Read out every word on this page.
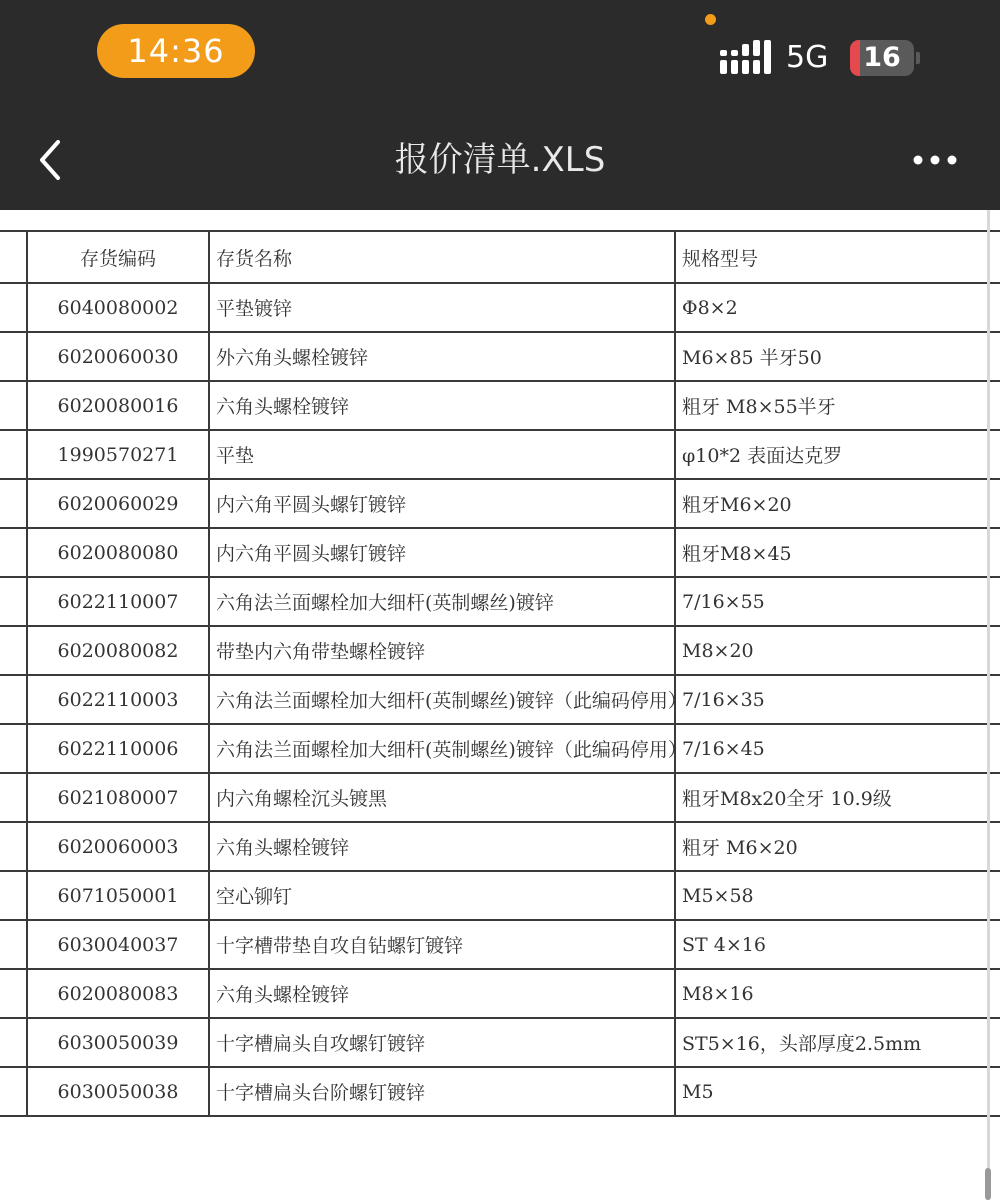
14:36	5G	16
报价清单.XLS
	存货编码	存货名称	规格型号	
	6040080002	平垫镀锌	Φ8×2	
	6020060030	外六角头螺栓镀锌	M6×85 半牙50	
	6020080016	六角头螺栓镀锌	粗牙 M8×55半牙	
	1990570271	平垫	φ10*2 表面达克罗	
	6020060029	内六角平圆头螺钉镀锌	粗牙M6×20	
	6020080080	内六角平圆头螺钉镀锌	粗牙M8×45	
	6022110007	六角法兰面螺栓加大细杆(英制螺丝)镀锌	7/16×55	
	6020080082	带垫内六角带垫螺栓镀锌	M8×20	
	6022110003	六角法兰面螺栓加大细杆(英制螺丝)镀锌（此编码停用）	7/16×35	
	6022110006	六角法兰面螺栓加大细杆(英制螺丝)镀锌（此编码停用）	7/16×45	
	6021080007	内六角螺栓沉头镀黑	粗牙M8x20全牙 10.9级	
	6020060003	六角头螺栓镀锌	粗牙 M6×20	
	6071050001	空心铆钉	M5×58	
	6030040037	十字槽带垫自攻自钻螺钉镀锌	ST 4×16	
	6020080083	六角头螺栓镀锌	M8×16	
	6030050039	十字槽扁头自攻螺钉镀锌	ST5×16，头部厚度2.5mm	
	6030050038	十字槽扁头台阶螺钉镀锌	M5	
